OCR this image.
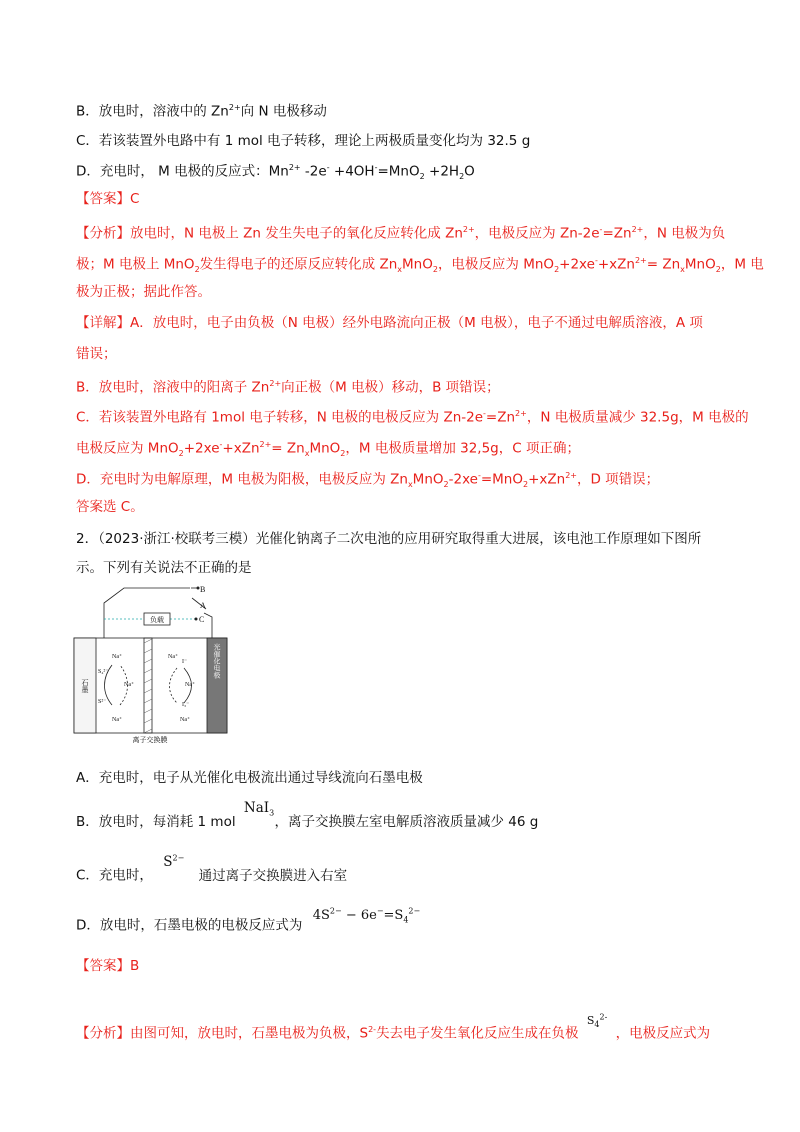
B．放电时，溶液中的 $Zn^{2+}$向 N 电极移动
C．若该装置外电路中有 1 mol 电子转移，理论上两极质量变化均为 32.5 g
D．充电时， M 电极的反应式：$Mn^{2+}$ $-2e^- +4OH^-=MnO_2 +2H_2O$
【答案】C
【分析】放电时，N 电极上 Zn 发生失电子的氧化反应转化成 $Zn^{2+}$，电极反应为 $Zn-2e^-=Zn^{2+}$，N 电极为负
极；M 电极上 MnO$_2$发生得电子的还原反应转化成 $Zn_xMnO_2$，电极反应为 $MnO_2+2xe^-+xZn^{2+}= Zn_xMnO_2$，M 电
极为正极；据此作答。
【详解】A．放电时，电子由负极（N 电极）经外电路流向正极（M 电极），电子不通过电解质溶液，A 项
错误；
B．放电时，溶液中的阳离子 $Zn^{2+}$向正极（M 电极）移动，B 项错误；
C．若该装置外电路有 1mol 电子转移，N 电极的电极反应为 $Zn-2e^-=Zn^{2+}$，N 电极质量减少 32.5g，M 电极的
电极反应为 $MnO_2+2xe^-+xZn^{2+}= Zn_xMnO_2$，M 电极质量增加 32,5g，C 项正确；
D．充电时为电解原理，M 电极为阳极，电极反应为 $Zn_xMnO_2-2xe^-=MnO_2+xZn^{2+}$，D 项错误；
答案选 C。
2．（2023·浙江·校联考三模）光催化钠离子二次电池的应用研究取得重大进展，该电池工作原理如下图所
示。下列有关说法不正确的是
B
A
C
负载
石墨
光催化电极
Na⁺
S₄²⁻
Na⁺
S²⁻
Na⁺
Na⁺
I⁻
Na⁺
I₃⁻
Na⁺
离子交换膜
A．充电时，电子从光催化电极流出通过导线流向石墨电极
B．放电时，每消耗 1 mol NaI$_3$ ，离子交换膜左室电解质溶液质量减少 46 g
C．充电时， $S^{2-}$ 通过离子交换膜进入右室
D．放电时，石墨电极的电极反应式为 $4S^{2-} - 6e^-=S_4^{2-}$
【答案】B
【分析】由图可知，放电时，石墨电极为负极，$S^{2-}$失去电子发生氧化反应生成在负极 $^{S_4^{2-}}$ ，电极反应式为
